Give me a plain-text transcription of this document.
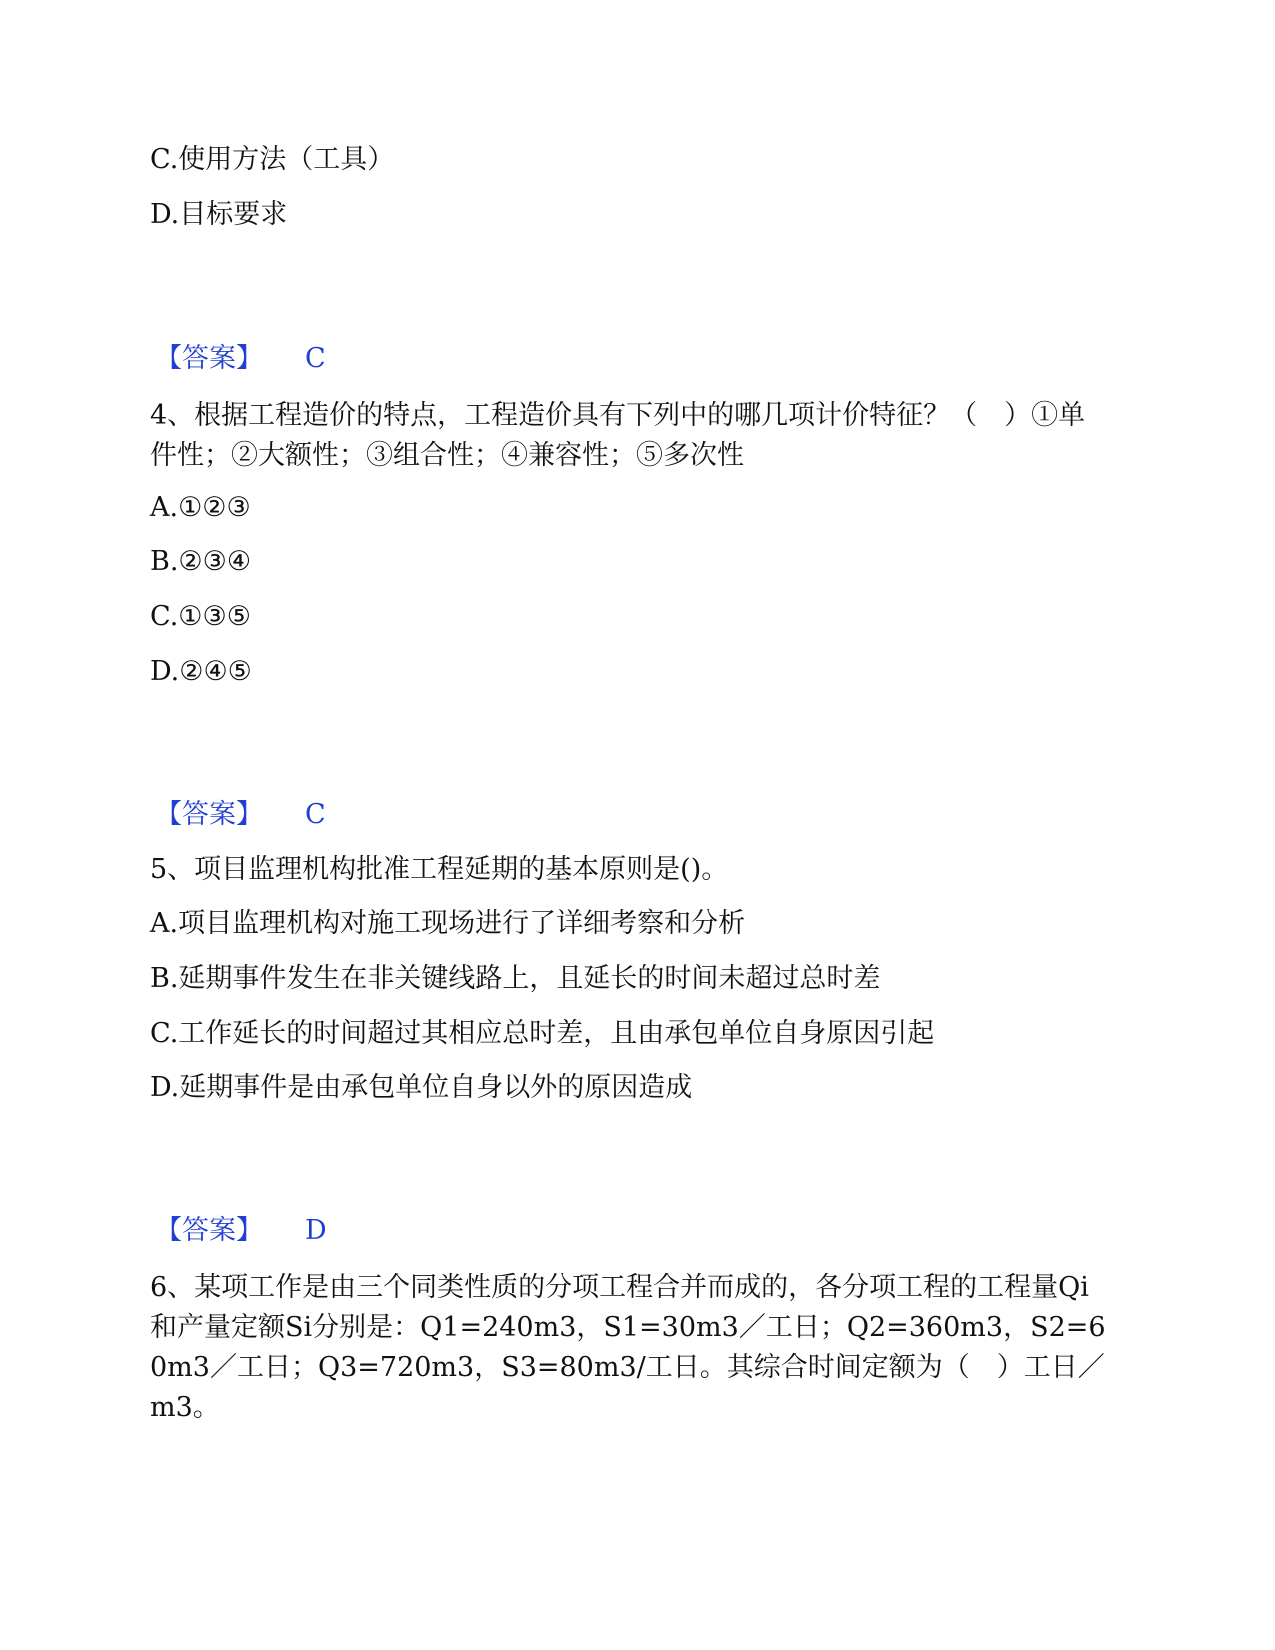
C.使用方法（工具）
D.目标要求
【答案】 C
4、根据工程造价的特点，工程造价具有下列中的哪几项计价特征？（　）①单件性；②大额性；③组合性；④兼容性；⑤多次性
A.①②③
B.②③④
C.①③⑤
D.②④⑤
【答案】 C
5、项目监理机构批准工程延期的基本原则是()。
A.项目监理机构对施工现场进行了详细考察和分析
B.延期事件发生在非关键线路上，且延长的时间未超过总时差
C.工作延长的时间超过其相应总时差，且由承包单位自身原因引起
D.延期事件是由承包单位自身以外的原因造成
【答案】 D
6、某项工作是由三个同类性质的分项工程合并而成的，各分项工程的工程量Qi和产量定额Si分别是：Q1=240m3，S1=30m3／工日；Q2=360m3，S2=60m3／工日；Q3=720m3，S3=80m3/工日。其综合时间定额为（　）工日／m3。
